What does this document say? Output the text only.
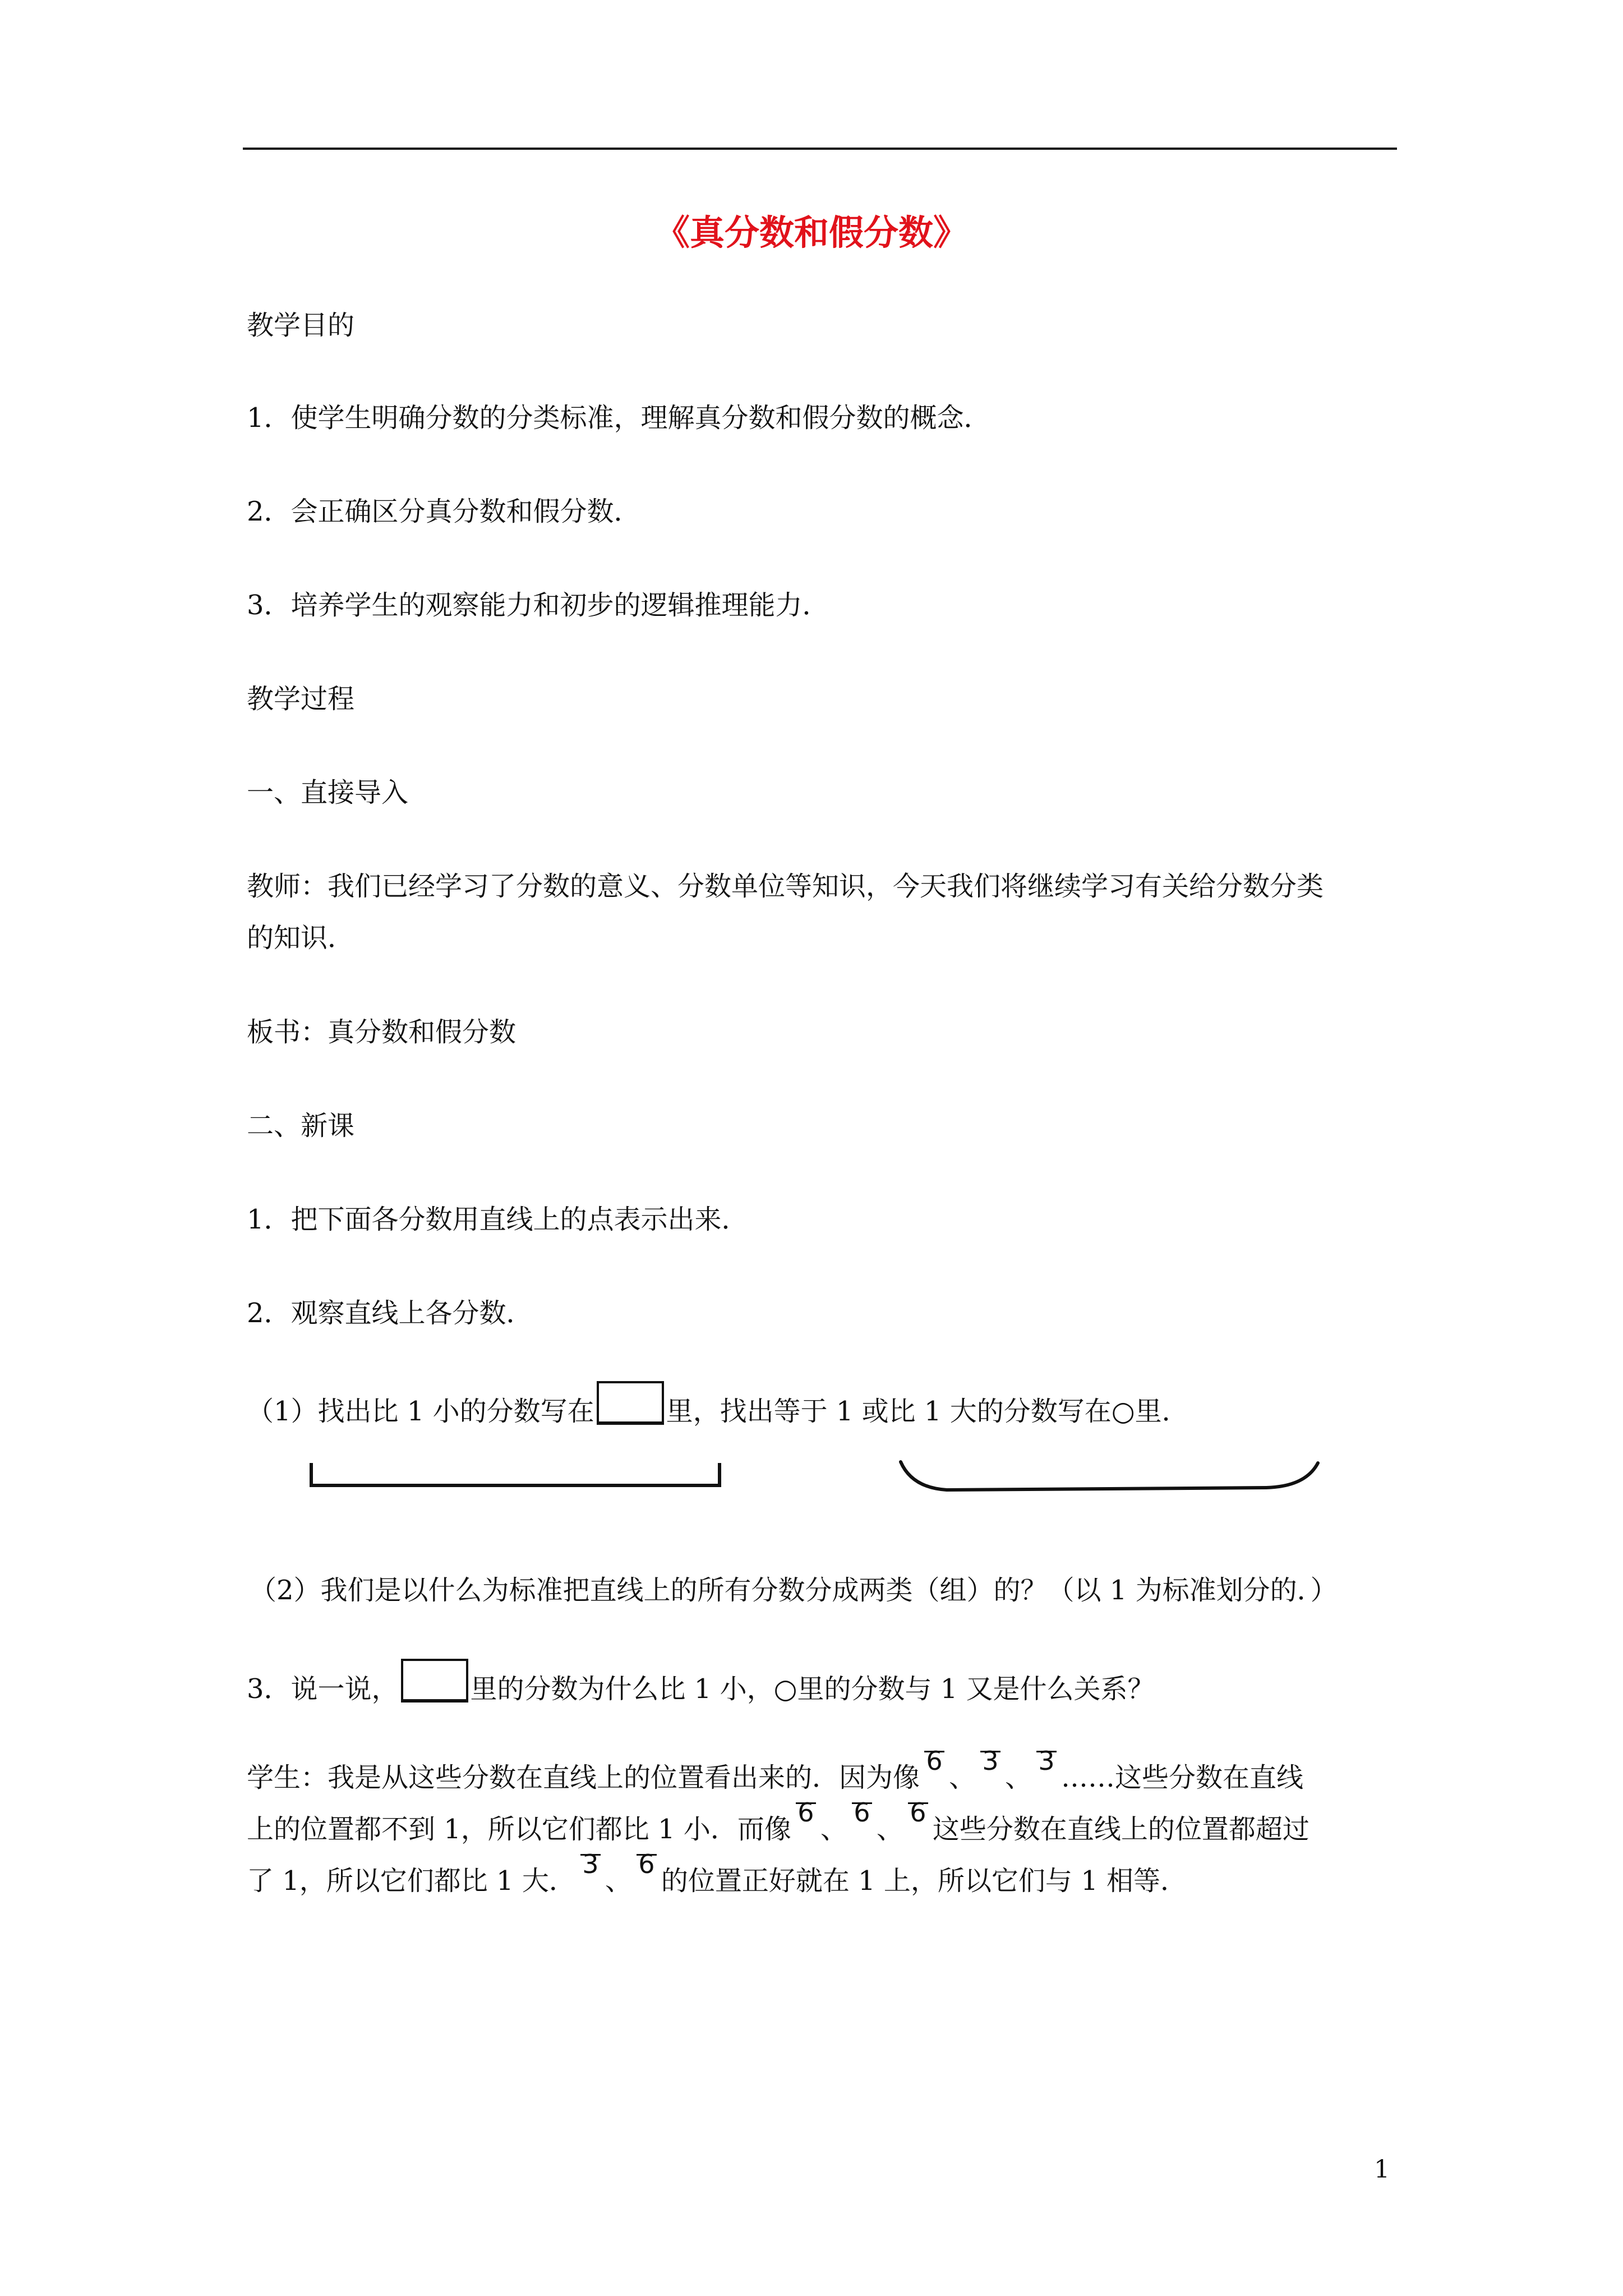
《真分数和假分数》
教学目的
1．使学生明确分数的分类标准，理解真分数和假分数的概念．
2．会正确区分真分数和假分数．
3．培养学生的观察能力和初步的逻辑推理能力．
教学过程
一、直接导入
教师：我们已经学习了分数的意义、分数单位等知识，今天我们将继续学习有关给分数分类
的知识．
板书：真分数和假分数
二、新课
1．把下面各分数用直线上的点表示出来．
2．观察直线上各分数．
（1）找出比 1 小的分数写在	里，找出等于 1 或比 1 大的分数写在○里．
（2）我们是以什么为标准把直线上的所有分数分成两类（组）的？（以 1 为标准划分的．）
3．说一说，	里的分数为什么比 1 小，○里的分数与 1 又是什么关系？
学生：我是从这些分数在直线上的位置看出来的．因为像
6
、
3
、
3
……这些分数在直线
上的位置都不到 1，所以它们都比 1 小．而像
6
、
6
、
6
这些分数在直线上的位置都超过
了 1，所以它们都比 1 大．
3
、
6
的位置正好就在 1 上，所以它们与 1 相等．
1
